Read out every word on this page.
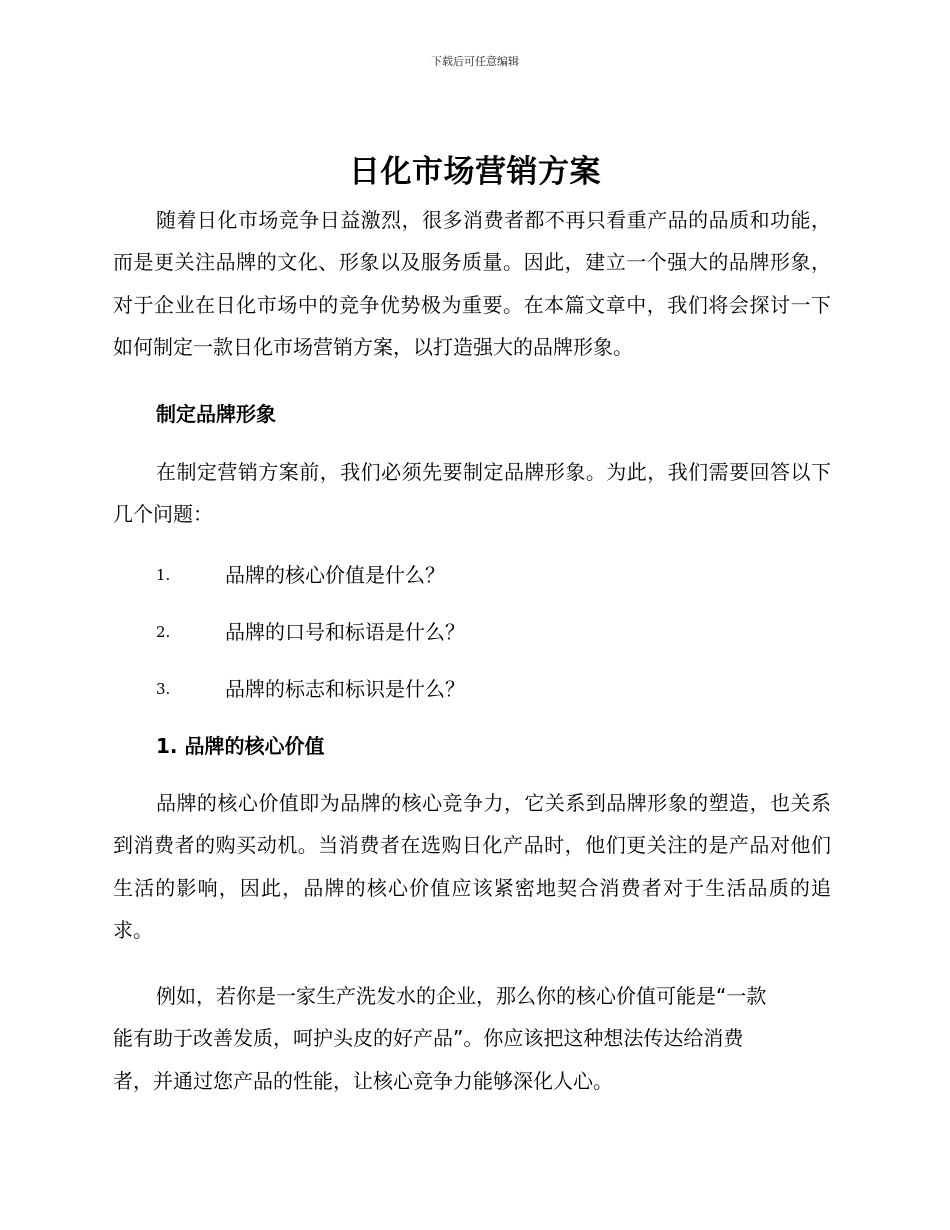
下载后可任意编辑
日化市场营销方案

随着日化市场竞争日益激烈，很多消费者都不再只看重产品的品质和功能，而是更关注品牌的文化、形象以及服务质量。因此，建立一个强大的品牌形象，对于企业在日化市场中的竞争优势极为重要。在本篇文章中，我们将会探讨一下如何制定一款日化市场营销方案，以打造强大的品牌形象。

制定品牌形象

在制定营销方案前，我们必须先要制定品牌形象。为此，我们需要回答以下几个问题：

1.	品牌的核心价值是什么？
2.	品牌的口号和标语是什么？
3.	品牌的标志和标识是什么？
1. 品牌的核心价值

品牌的核心价值即为品牌的核心竞争力，它关系到品牌形象的塑造，也关系到消费者的购买动机。当消费者在选购日化产品时，他们更关注的是产品对他们生活的影响，因此，品牌的核心价值应该紧密地契合消费者对于生活品质的追求。

例如，若你是一家生产洗发水的企业，那么你的核心价值可能是“一款
能有助于改善发质，呵护头皮的好产品”。你应该把这种想法传达给消费
者，并通过您产品的性能，让核心竞争力能够深化人心。
